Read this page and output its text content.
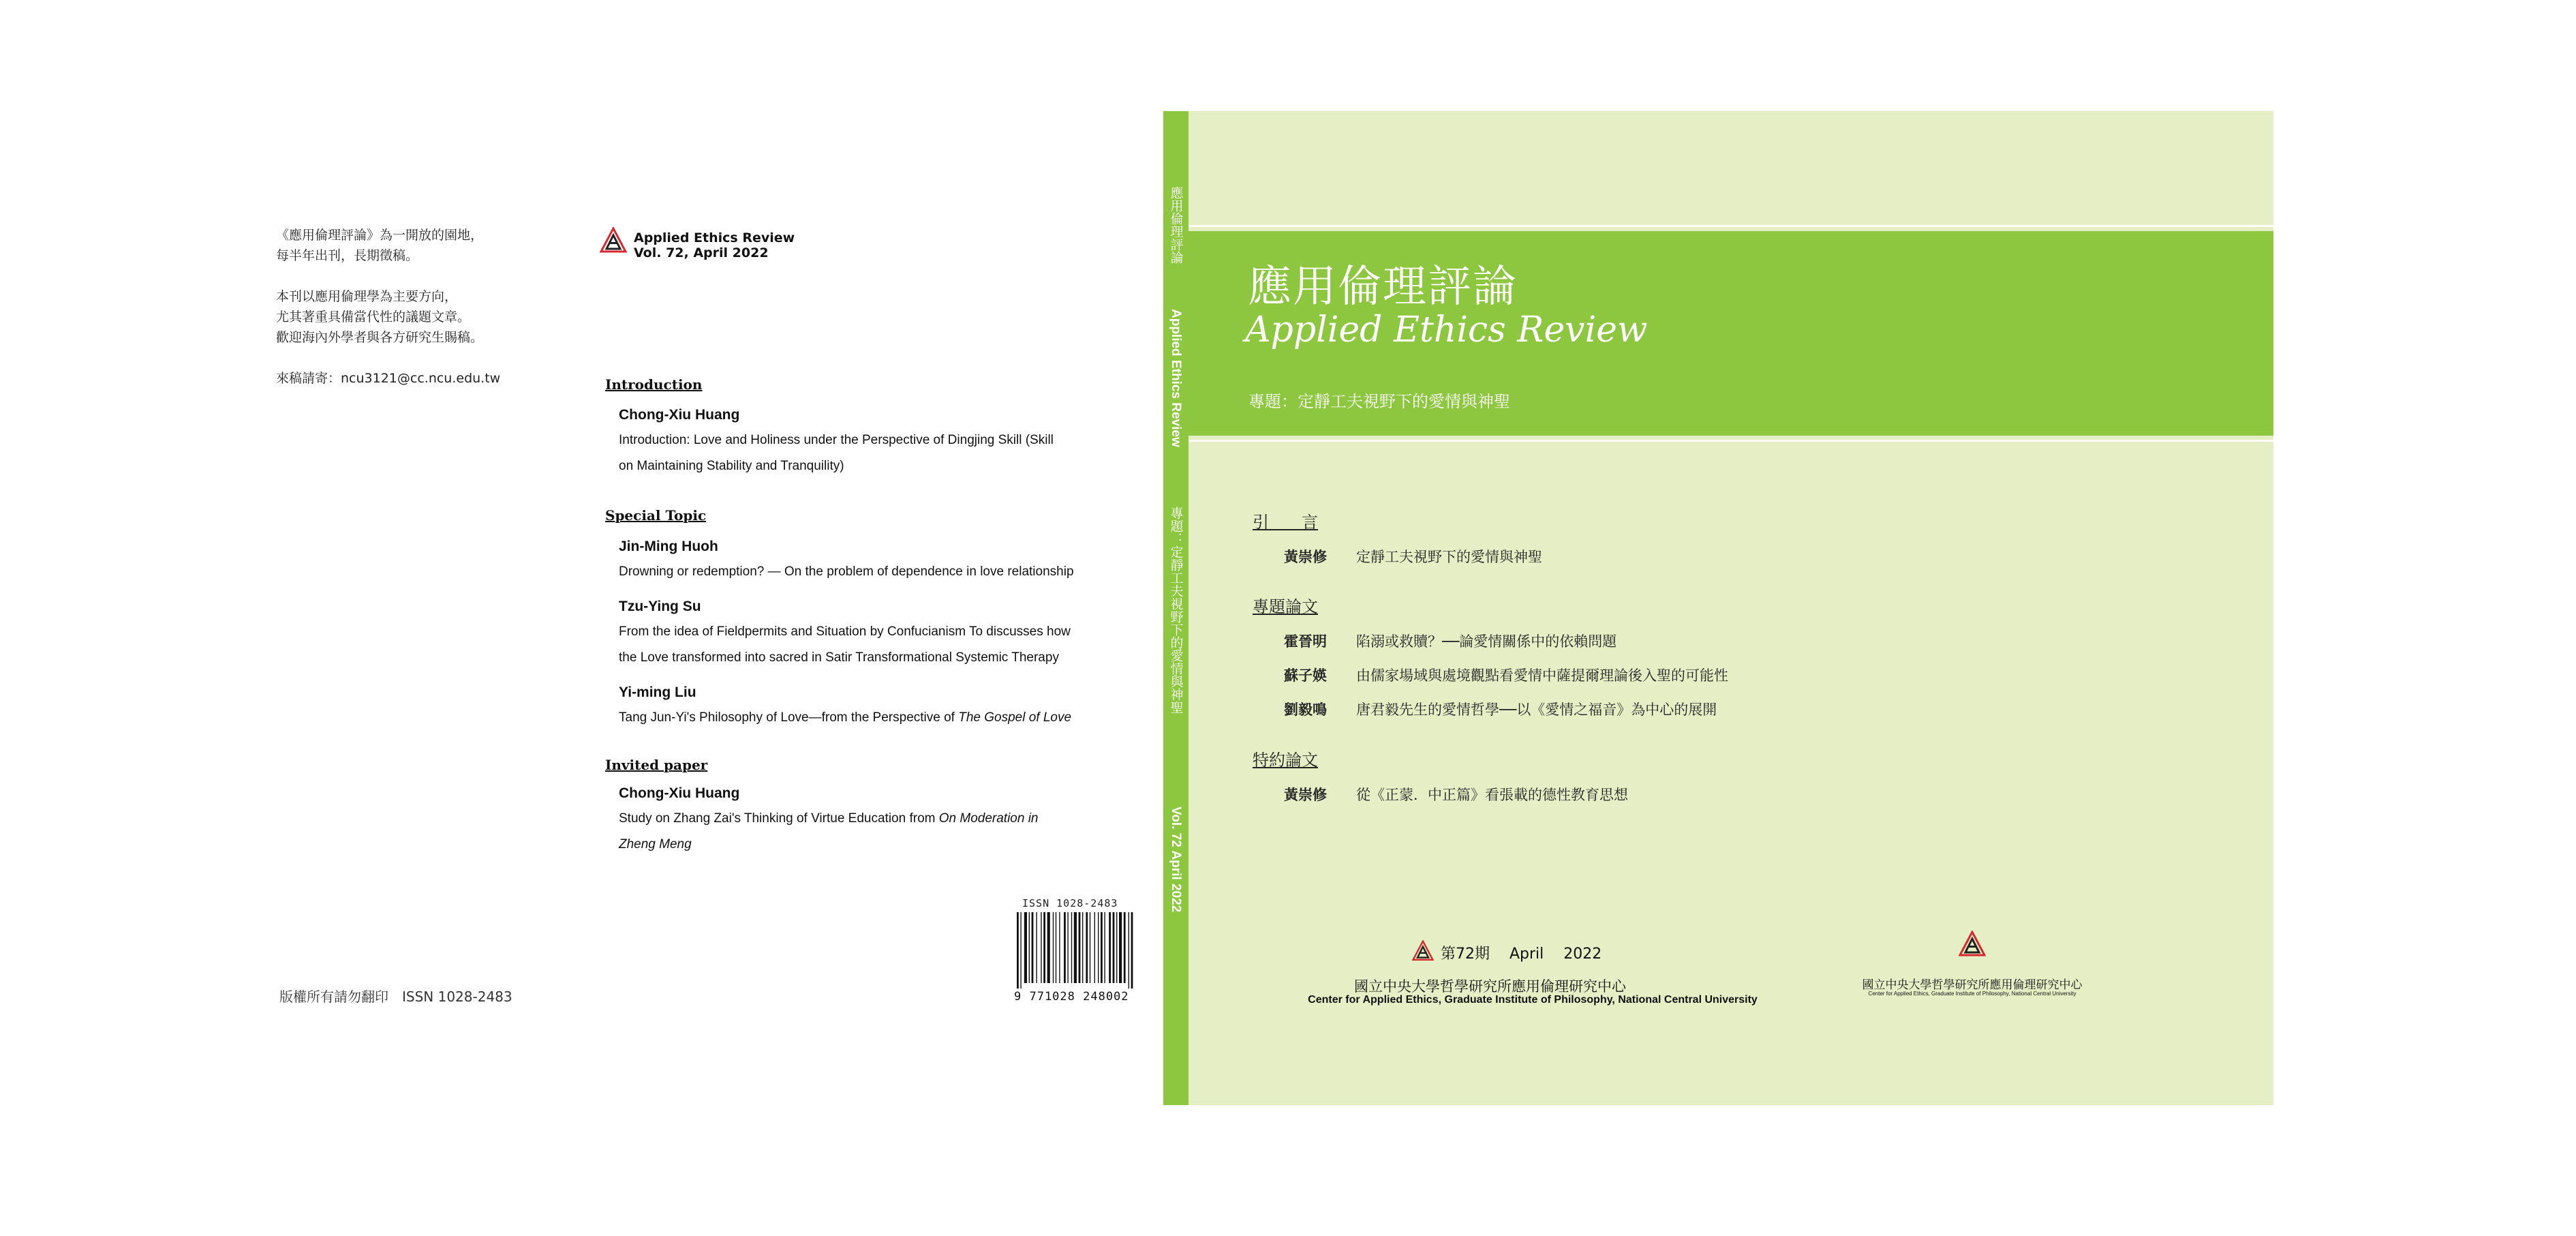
《應用倫理評論》為一開放的園地，
每半年出刊，長期徵稿。

本刊以應用倫理學為主要方向，
尤其著重具備當代性的議題文章。
歡迎海內外學者與各方研究生賜稿。

來稿請寄：ncu3121@cc.ncu.edu.tw

版權所有請勿翻印　ISSN 1028-2483
Applied Ethics Review
Vol. 72, April 2022
Introduction
Chong-Xiu Huang
Introduction: Love and Holiness under the Perspective of Dingjing Skill (Skill
on Maintaining Stability and Tranquility)
Special Topic
Jin-Ming Huoh
Drowning or redemption? — On the problem of dependence in love relationship
Tzu-Ying Su
From the idea of Fieldpermits and Situation by Confucianism To discusses how
the Love transformed into sacred in Satir Transformational Systemic Therapy
Yi-ming Liu
Tang Jun-Yi's Philosophy of Love—from the Perspective of The Gospel of Love
Invited paper
Chong-Xiu Huang
Study on Zhang Zai's Thinking of Virtue Education from On Moderation in
Zheng Meng
ISSN 1028-2483
9 771028 248002
應用倫理評論
Applied Ethics Review
專題：定靜工夫視野下的愛情與神聖
Vol. 72 April 2022
應用倫理評論
Applied Ethics Review
專題：定靜工夫視野下的愛情與神聖
引　　言
黃崇修 定靜工夫視野下的愛情與神聖
專題論文
霍晉明 陷溺或救贖？──論愛情關係中的依賴問題
蘇子媖 由儒家場域與處境觀點看愛情中薩提爾理論後入聖的可能性
劉毅鳴 唐君毅先生的愛情哲學──以《愛情之福音》為中心的展開
特約論文
黃崇修 從《正蒙．中正篇》看張載的德性教育思想
第72期 April 2022
國立中央大學哲學研究所應用倫理研究中心
Center for Applied Ethics, Graduate Institute of Philosophy, National Central University
國立中央大學哲學研究所應用倫理研究中心
Center for Applied Ethics, Graduate Institute of Philosophy, National Central University
